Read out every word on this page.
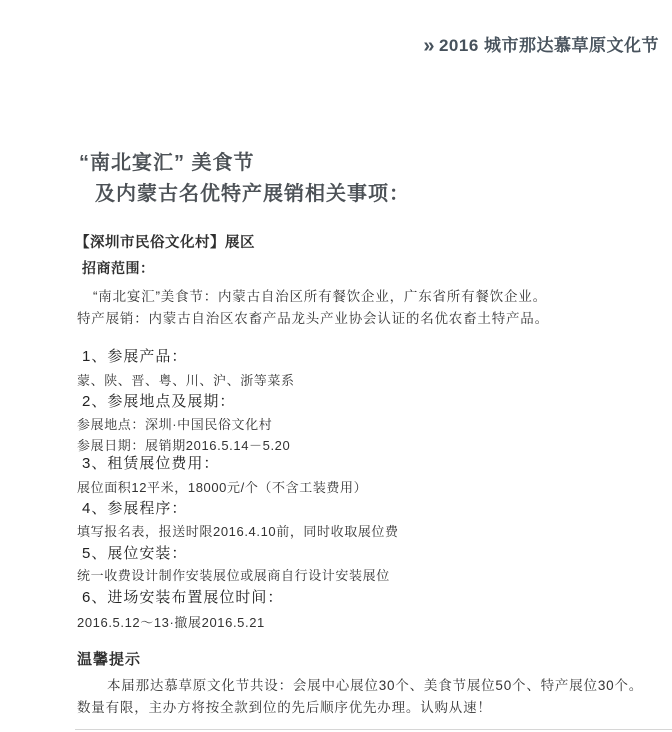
» 2016 城市那达慕草原文化节
“南北宴汇” 美食节
及内蒙古名优特产展销相关事项：
【深圳市民俗文化村】展区
招商范围：
“南北宴汇”美食节：内蒙古自治区所有餐饮企业，广东省所有餐饮企业。
特产展销：内蒙古自治区农畜产品龙头产业协会认证的名优农畜土特产品。
1、参展产品：
蒙、陕、晋、粤、川、沪、浙等菜系
2、参展地点及展期：
参展地点：深圳·中国民俗文化村
参展日期：展销期2016.5.14－5.20
3、租赁展位费用：
展位面积12平米，18000元/个（不含工装费用）
4、参展程序：
填写报名表，报送时限2016.4.10前，同时收取展位费
5、展位安装：
统一收费设计制作安装展位或展商自行设计安装展位
6、进场安装布置展位时间：
2016.5.12～13·撤展2016.5.21
温馨提示
本届那达慕草原文化节共设：会展中心展位30个、美食节展位50个、特产展位30个。
数量有限，主办方将按全款到位的先后顺序优先办理。认购从速！
